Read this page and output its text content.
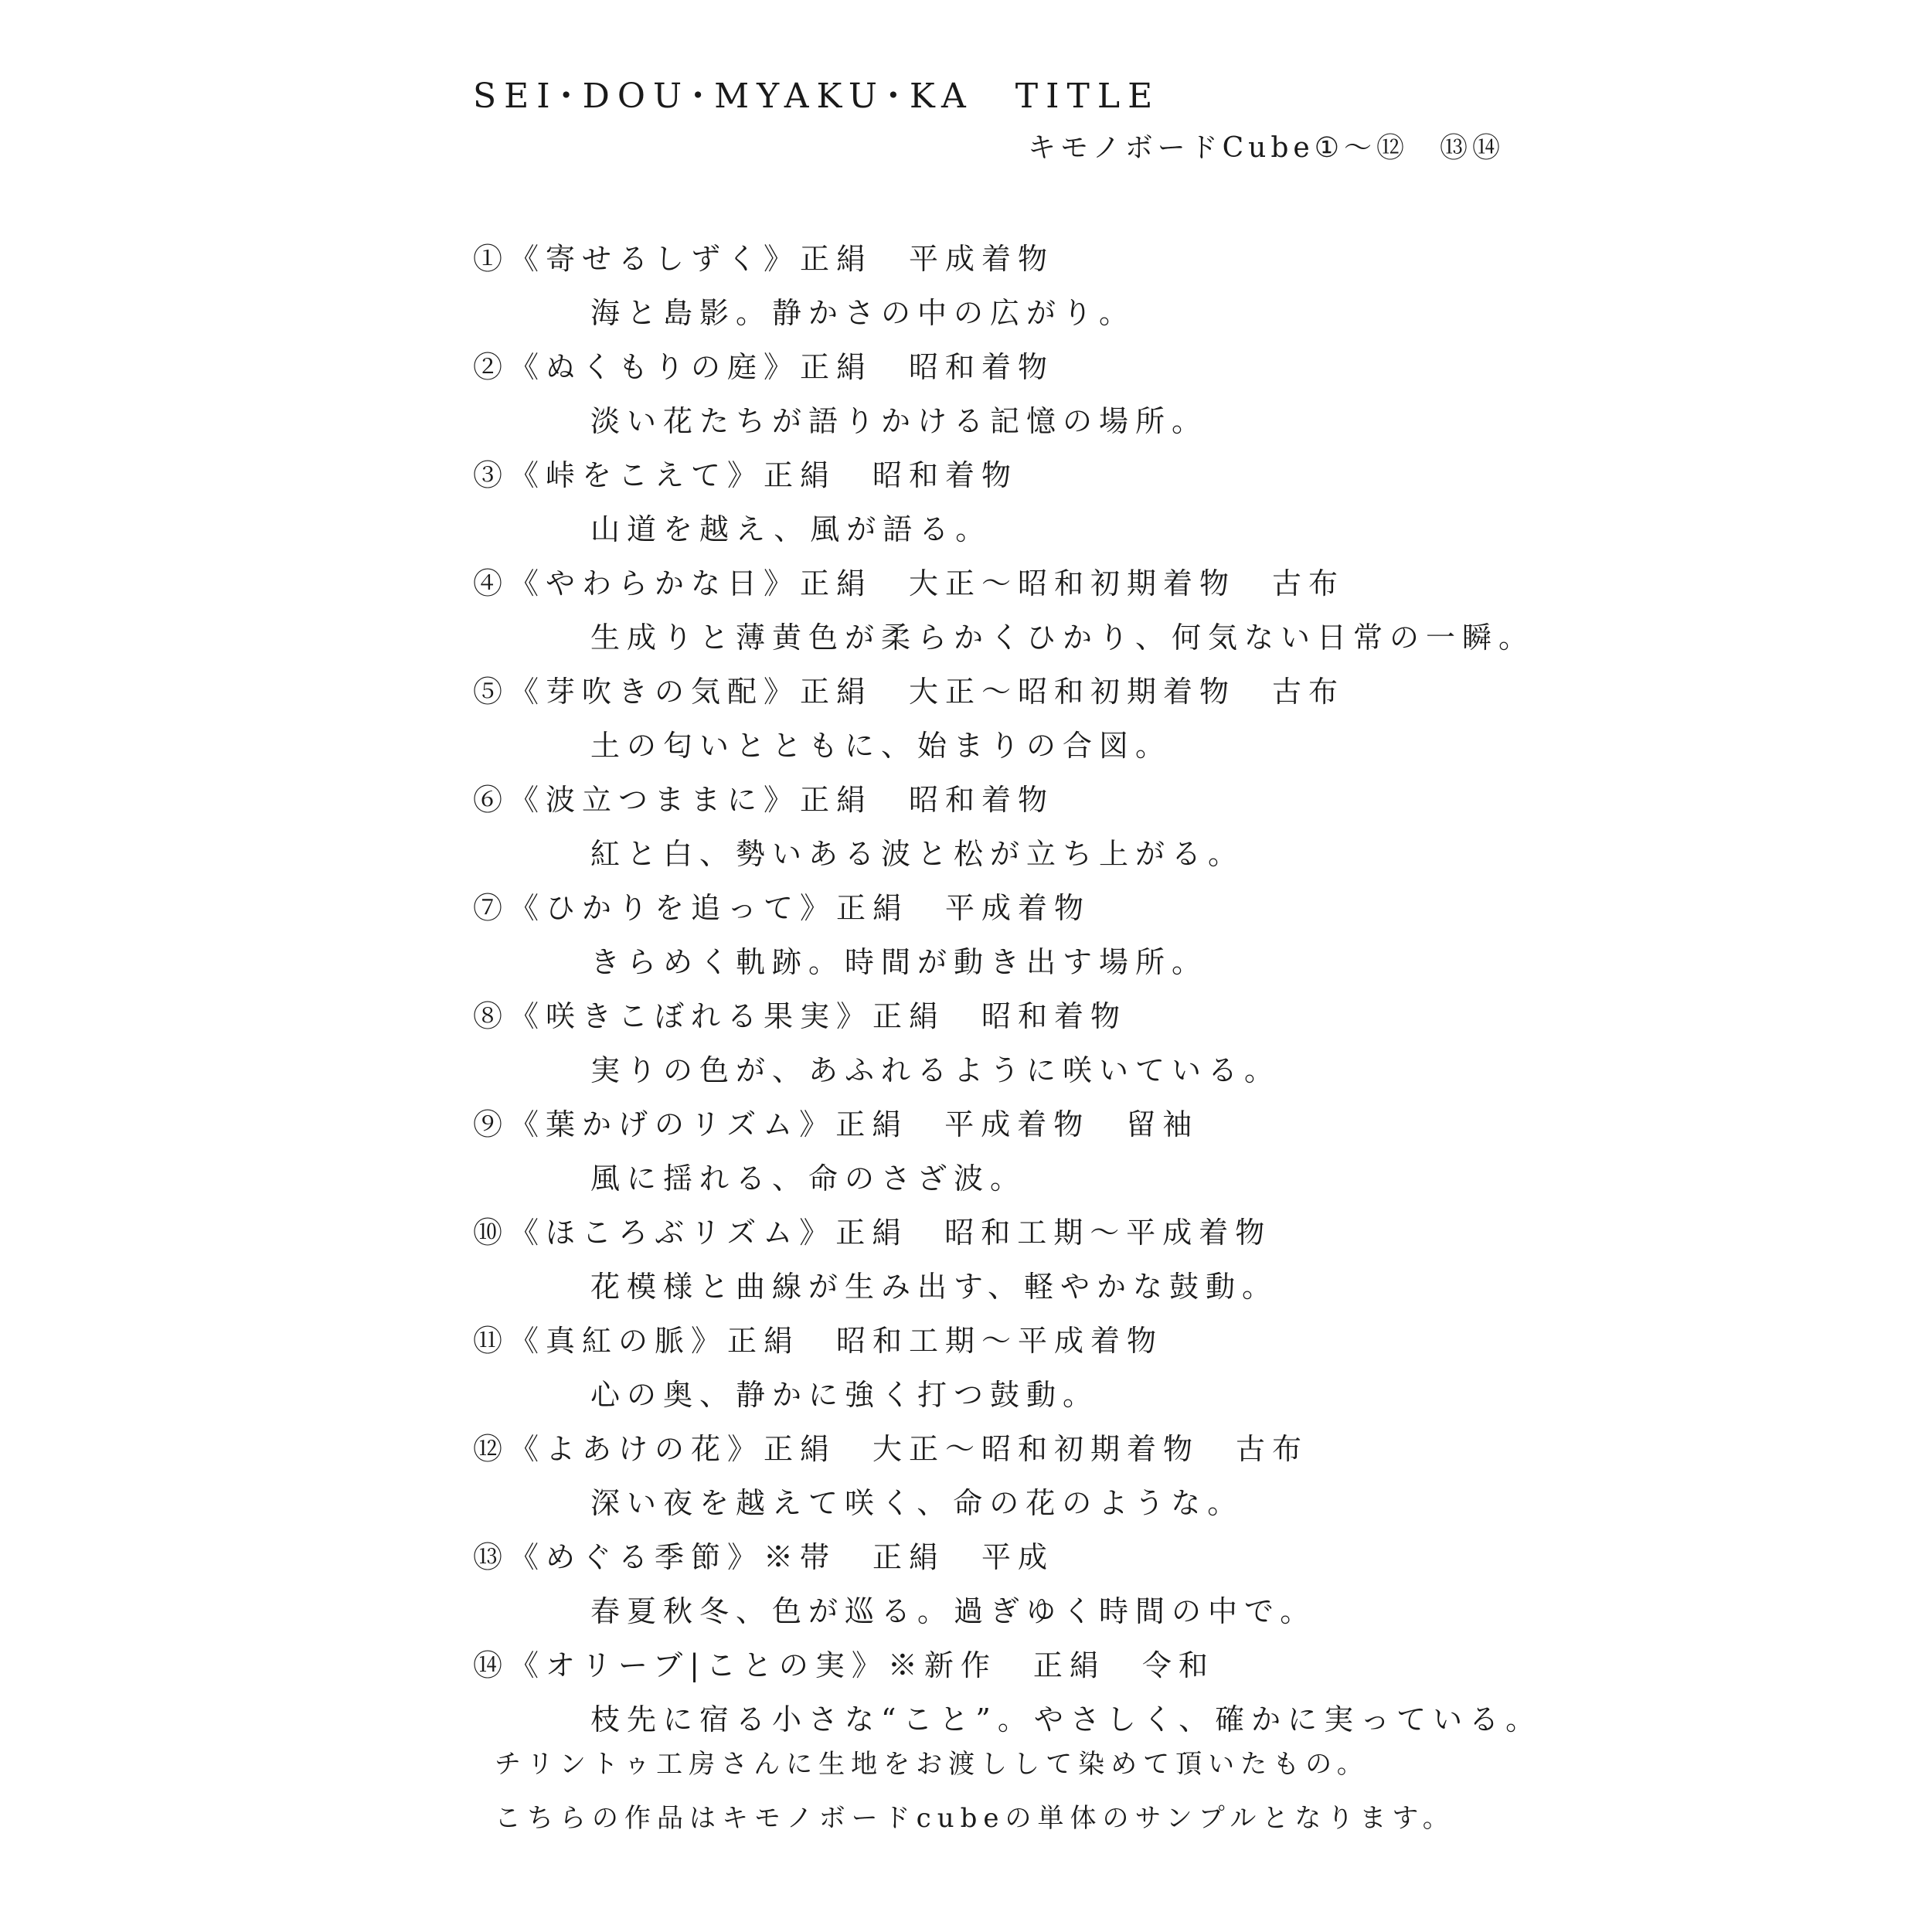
SEI･DOU･MYAKU･KA　TITLE
キモノボードCube①～⑫ ⑬⑭
①《寄せるしずく》正絹　平成着物
海と島影。静かさの中の広がり。
②《ぬくもりの庭》正絹　昭和着物
淡い花たちが語りかける記憶の場所。
③《峠をこえて》正絹　昭和着物
山道を越え、風が語る。
④《やわらかな日》正絹　大正～昭和初期着物　古布
生成りと薄黄色が柔らかくひかり、何気ない日常の一瞬。
⑤《芽吹きの気配》正絹　大正～昭和初期着物　古布
土の匂いとともに、始まりの合図。
⑥《波立つままに》正絹　昭和着物
紅と白、勢いある波と松が立ち上がる。
⑦《ひかりを追って》正絹　平成着物
きらめく軌跡。時間が動き出す場所。
⑧《咲きこぼれる果実》正絹　昭和着物
実りの色が、あふれるように咲いている。
⑨《葉かげのリズム》正絹　平成着物　留袖
風に揺れる、命のさざ波。
⑩《ほころぶリズム》正絹　昭和工期～平成着物
花模様と曲線が生み出す、軽やかな鼓動。
⑪《真紅の脈》正絹　昭和工期～平成着物
心の奥、静かに強く打つ鼓動。
⑫《よあけの花》正絹　大正～昭和初期着物　古布
深い夜を越えて咲く、命の花のような。
⑬《めぐる季節》※帯　正絹　平成
春夏秋冬、色が巡る。過ぎゆく時間の中で。
⑭《オリーブ|ことの実》※新作　正絹　令和
枝先に宿る小さな“こと”。やさしく、確かに実っている。
チリントゥ工房さんに生地をお渡しして染めて頂いたもの。
こちらの作品はキモノボードcubeの単体のサンプルとなります。
